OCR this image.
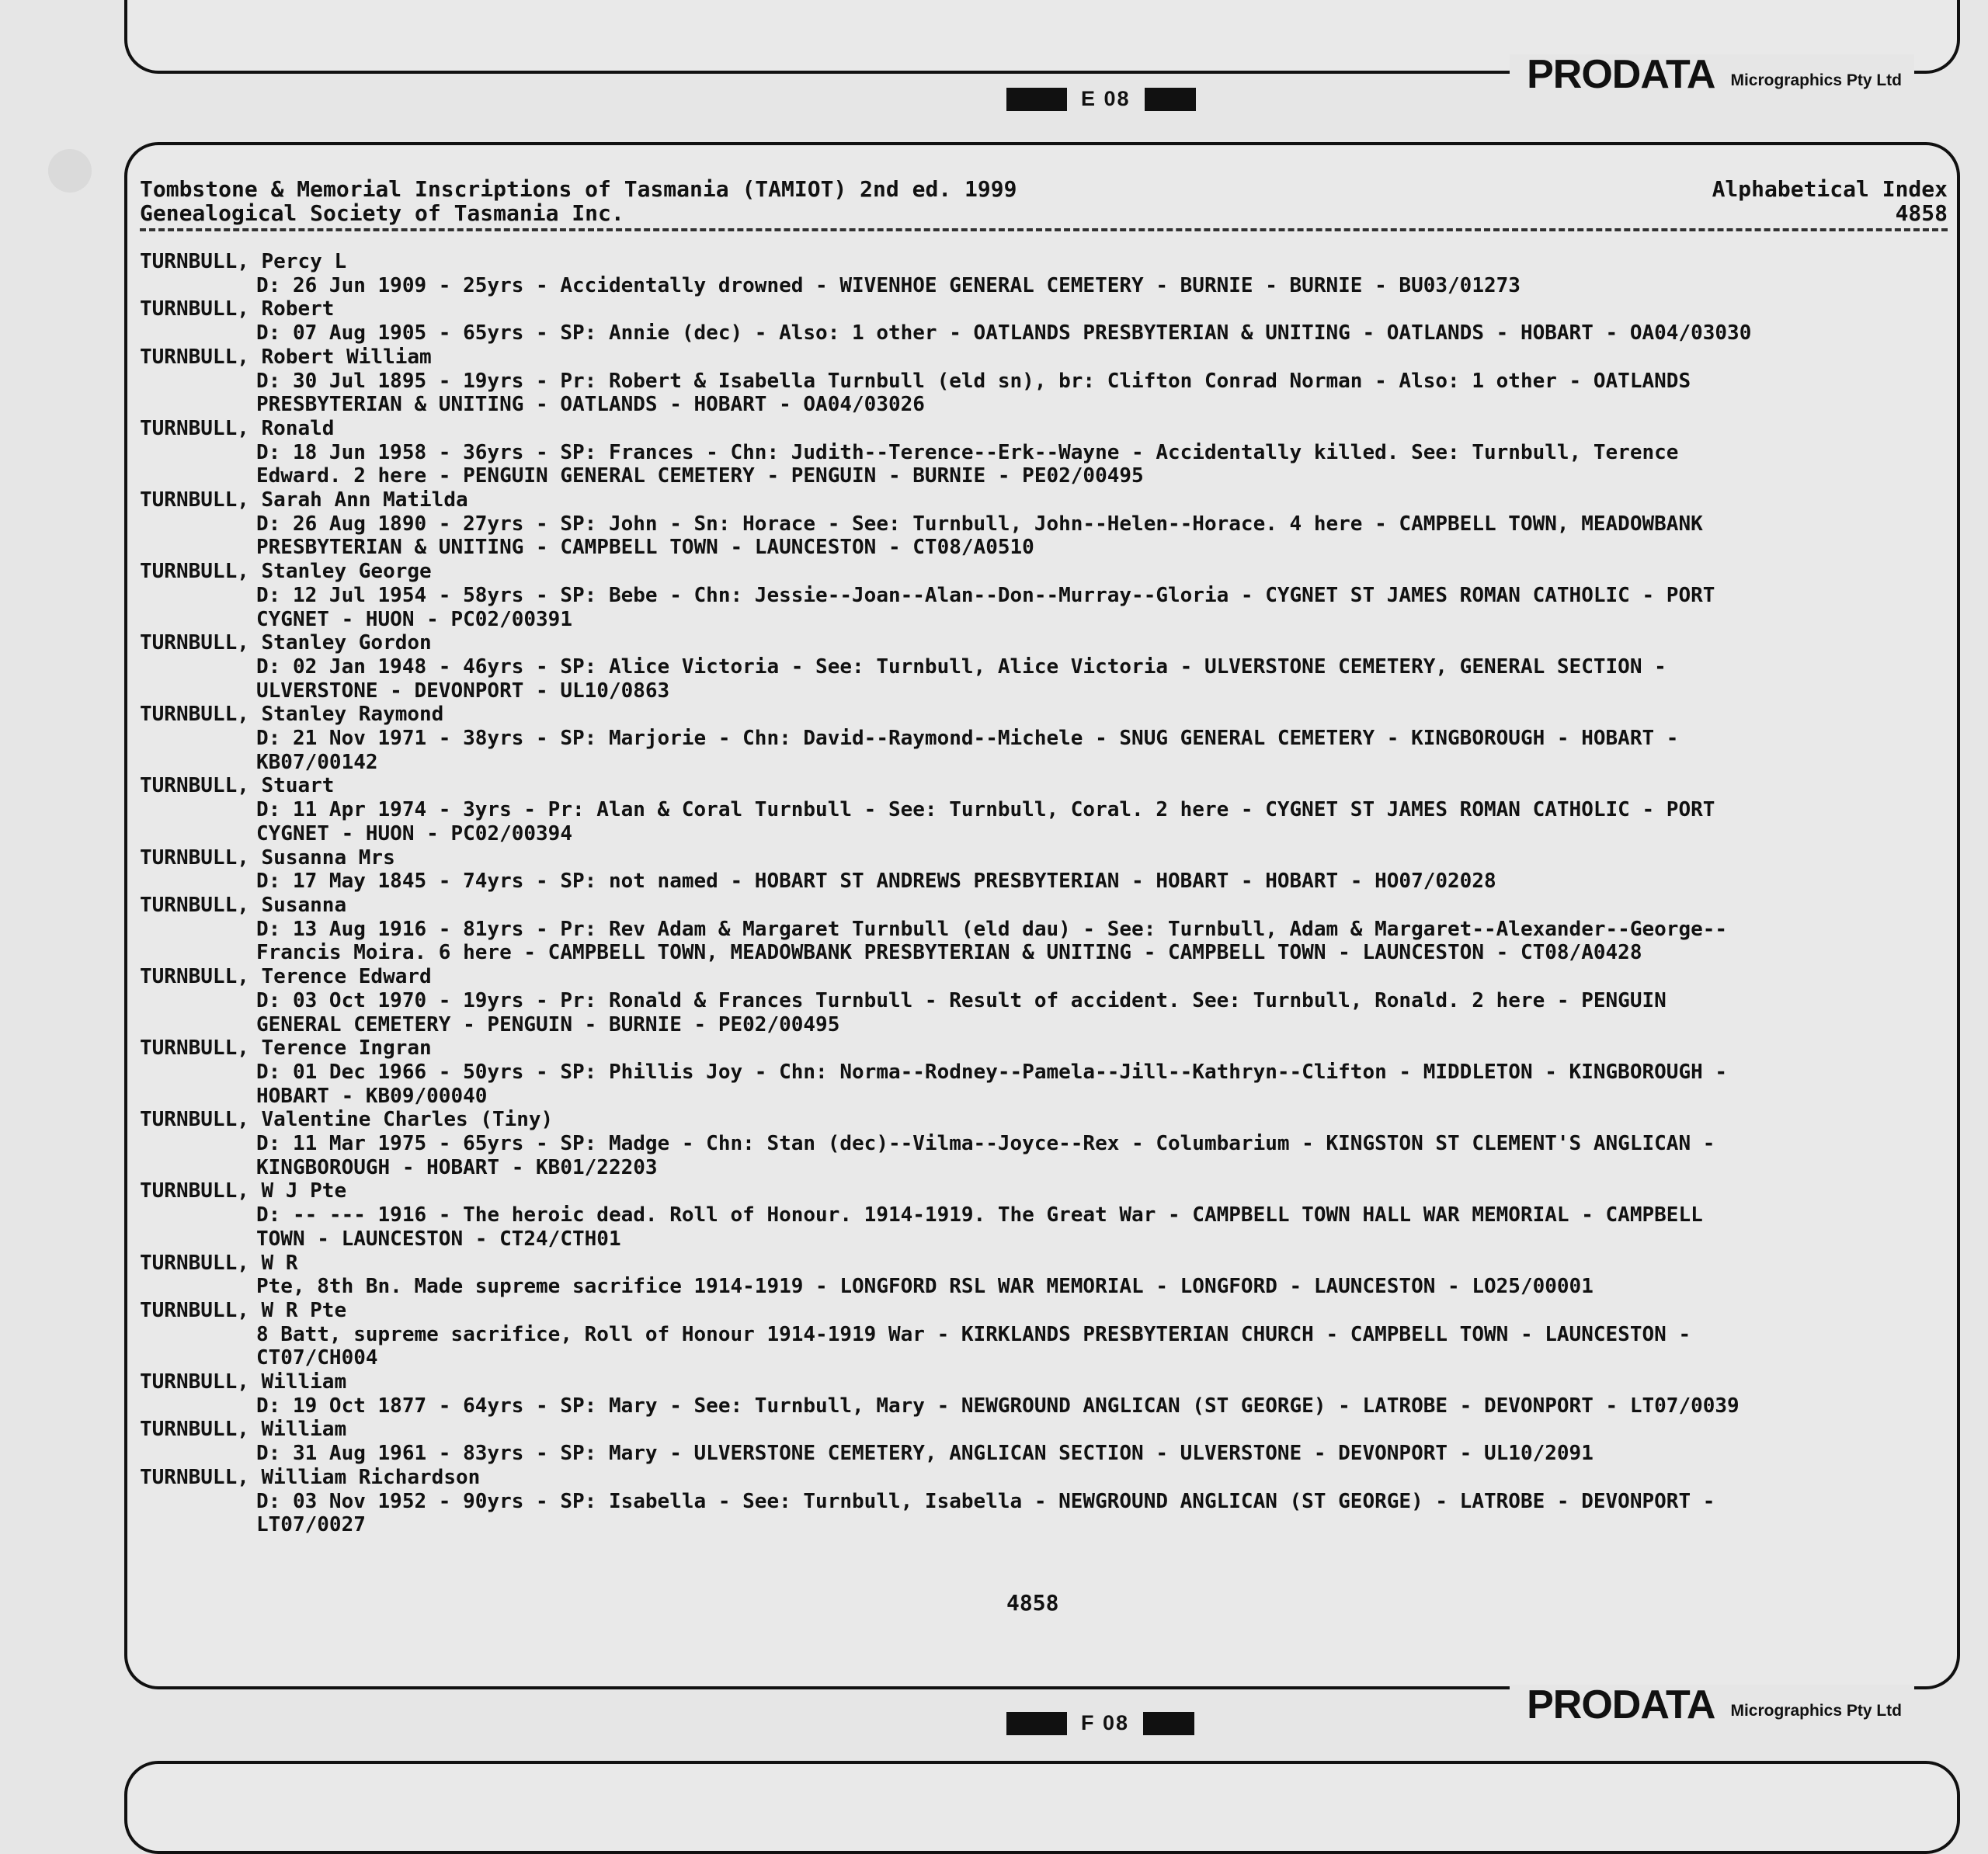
PRODATA Micrographics Pty Ltd
E 08
Tombstone & Memorial Inscriptions of Tasmania (TAMIOT) 2nd ed. 1999	Alphabetical Index
Genealogical Society of Tasmania Inc.	4858
TURNBULL, Percy L
D: 26 Jun 1909 - 25yrs - Accidentally drowned - WIVENHOE GENERAL CEMETERY - BURNIE - BURNIE - BU03/01273
TURNBULL, Robert
D: 07 Aug 1905 - 65yrs - SP: Annie (dec) - Also: 1 other - OATLANDS PRESBYTERIAN & UNITING - OATLANDS - HOBART - OA04/03030
TURNBULL, Robert William
D: 30 Jul 1895 - 19yrs - Pr: Robert & Isabella Turnbull (eld sn), br: Clifton Conrad Norman - Also: 1 other - OATLANDS
PRESBYTERIAN & UNITING - OATLANDS - HOBART - OA04/03026
TURNBULL, Ronald
D: 18 Jun 1958 - 36yrs - SP: Frances - Chn: Judith--Terence--Erk--Wayne - Accidentally killed. See: Turnbull, Terence
Edward. 2 here - PENGUIN GENERAL CEMETERY - PENGUIN - BURNIE - PE02/00495
TURNBULL, Sarah Ann Matilda
D: 26 Aug 1890 - 27yrs - SP: John - Sn: Horace - See: Turnbull, John--Helen--Horace. 4 here - CAMPBELL TOWN, MEADOWBANK
PRESBYTERIAN & UNITING - CAMPBELL TOWN - LAUNCESTON - CT08/A0510
TURNBULL, Stanley George
D: 12 Jul 1954 - 58yrs - SP: Bebe - Chn: Jessie--Joan--Alan--Don--Murray--Gloria - CYGNET ST JAMES ROMAN CATHOLIC - PORT
CYGNET - HUON - PC02/00391
TURNBULL, Stanley Gordon
D: 02 Jan 1948 - 46yrs - SP: Alice Victoria - See: Turnbull, Alice Victoria - ULVERSTONE CEMETERY, GENERAL SECTION -
ULVERSTONE - DEVONPORT - UL10/0863
TURNBULL, Stanley Raymond
D: 21 Nov 1971 - 38yrs - SP: Marjorie - Chn: David--Raymond--Michele - SNUG GENERAL CEMETERY - KINGBOROUGH - HOBART -
KB07/00142
TURNBULL, Stuart
D: 11 Apr 1974 - 3yrs - Pr: Alan & Coral Turnbull - See: Turnbull, Coral. 2 here - CYGNET ST JAMES ROMAN CATHOLIC - PORT
CYGNET - HUON - PC02/00394
TURNBULL, Susanna Mrs
D: 17 May 1845 - 74yrs - SP: not named - HOBART ST ANDREWS PRESBYTERIAN - HOBART - HOBART - HO07/02028
TURNBULL, Susanna
D: 13 Aug 1916 - 81yrs - Pr: Rev Adam & Margaret Turnbull (eld dau) - See: Turnbull, Adam & Margaret--Alexander--George--
Francis Moira. 6 here - CAMPBELL TOWN, MEADOWBANK PRESBYTERIAN & UNITING - CAMPBELL TOWN - LAUNCESTON - CT08/A0428
TURNBULL, Terence Edward
D: 03 Oct 1970 - 19yrs - Pr: Ronald & Frances Turnbull - Result of accident. See: Turnbull, Ronald. 2 here - PENGUIN
GENERAL CEMETERY - PENGUIN - BURNIE - PE02/00495
TURNBULL, Terence Ingran
D: 01 Dec 1966 - 50yrs - SP: Phillis Joy - Chn: Norma--Rodney--Pamela--Jill--Kathryn--Clifton - MIDDLETON - KINGBOROUGH -
HOBART - KB09/00040
TURNBULL, Valentine Charles (Tiny)
D: 11 Mar 1975 - 65yrs - SP: Madge - Chn: Stan (dec)--Vilma--Joyce--Rex - Columbarium - KINGSTON ST CLEMENT'S ANGLICAN -
KINGBOROUGH - HOBART - KB01/22203
TURNBULL, W J Pte
D: -- --- 1916 - The heroic dead. Roll of Honour. 1914-1919. The Great War - CAMPBELL TOWN HALL WAR MEMORIAL - CAMPBELL
TOWN - LAUNCESTON - CT24/CTH01
TURNBULL, W R
Pte, 8th Bn. Made supreme sacrifice 1914-1919 - LONGFORD RSL WAR MEMORIAL - LONGFORD - LAUNCESTON - LO25/00001
TURNBULL, W R Pte
8 Batt, supreme sacrifice, Roll of Honour 1914-1919 War - KIRKLANDS PRESBYTERIAN CHURCH - CAMPBELL TOWN - LAUNCESTON -
CT07/CH004
TURNBULL, William
D: 19 Oct 1877 - 64yrs - SP: Mary - See: Turnbull, Mary - NEWGROUND ANGLICAN (ST GEORGE) - LATROBE - DEVONPORT - LT07/0039
TURNBULL, William
D: 31 Aug 1961 - 83yrs - SP: Mary - ULVERSTONE CEMETERY, ANGLICAN SECTION - ULVERSTONE - DEVONPORT - UL10/2091
TURNBULL, William Richardson
D: 03 Nov 1952 - 90yrs - SP: Isabella - See: Turnbull, Isabella - NEWGROUND ANGLICAN (ST GEORGE) - LATROBE - DEVONPORT -
LT07/0027
4858
PRODATA Micrographics Pty Ltd
F 08
